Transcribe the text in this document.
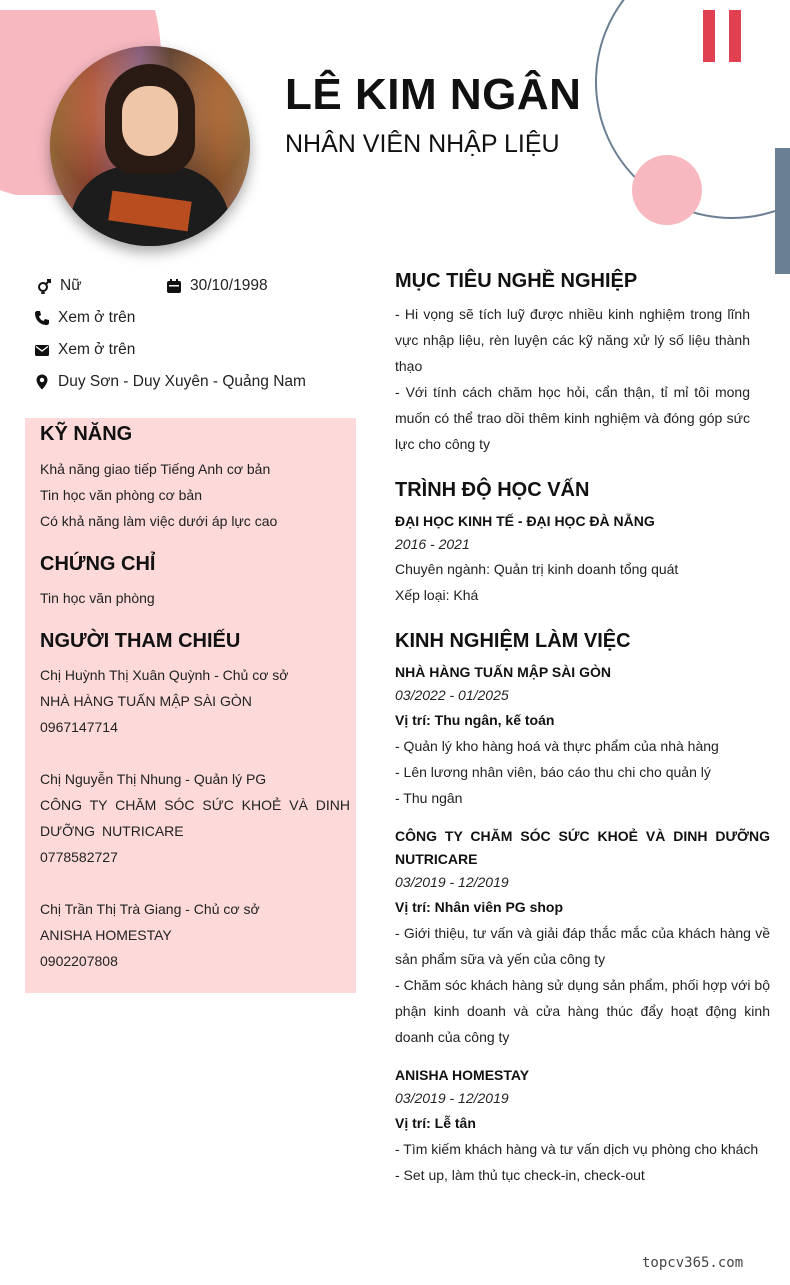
LÊ KIM NGÂN
NHÂN VIÊN NHẬP LIỆU
Nữ	30/10/1998
Xem ở trên
Xem ở trên
Duy Sơn - Duy Xuyên - Quảng Nam
KỸ NĂNG
Khả năng giao tiếp Tiếng Anh cơ bản
Tin học văn phòng cơ bản
Có khả năng làm việc dưới áp lực cao
CHỨNG CHỈ
Tin học văn phòng
NGƯỜI THAM CHIẾU
Chị Huỳnh Thị Xuân Quỳnh - Chủ cơ sở
NHÀ HÀNG TUẤN MẬP SÀI GÒN
0967147714
Chị Nguyễn Thị Nhung - Quản lý PG
CÔNG TY CHĂM SÓC SỨC KHOẺ VÀ DINH DƯỠNG NUTRICARE
0778582727
Chị Trần Thị Trà Giang - Chủ cơ sở
ANISHA HOMESTAY
0902207808
MỤC TIÊU NGHỀ NGHIỆP
- Hi vọng sẽ tích luỹ được nhiều kinh nghiệm trong lĩnh vực nhập liệu, rèn luyện các kỹ năng xử lý số liệu thành thạo
- Với tính cách chăm học hỏi, cẩn thận, tỉ mỉ tôi mong muốn có thể trao dồi thêm kinh nghiệm và đóng góp sức lực cho công ty
TRÌNH ĐỘ HỌC VẤN
ĐẠI HỌC KINH TẾ - ĐẠI HỌC ĐÀ NẴNG
2016 - 2021
Chuyên ngành: Quản trị kinh doanh tổng quát
Xếp loại: Khá
KINH NGHIỆM LÀM VIỆC
NHÀ HÀNG TUẤN MẬP SÀI GÒN
03/2022 - 01/2025
Vị trí: Thu ngân, kế toán
- Quản lý kho hàng hoá và thực phẩm của nhà hàng
- Lên lương nhân viên, báo cáo thu chi cho quản lý
- Thu ngân
CÔNG TY CHĂM SÓC SỨC KHOẺ VÀ DINH DƯỠNG NUTRICARE
03/2019 - 12/2019
Vị trí: Nhân viên PG shop
- Giới thiệu, tư vấn và giải đáp thắc mắc của khách hàng về sản phẩm sữa và yến của công ty
- Chăm sóc khách hàng sử dụng sản phẩm, phối hợp với bộ phận kinh doanh và cửa hàng thúc đẩy hoạt động kinh doanh của công ty
ANISHA HOMESTAY
03/2019 - 12/2019
Vị trí: Lễ tân
- Tìm kiếm khách hàng và tư vấn dịch vụ phòng cho khách
- Set up, làm thủ tục check-in, check-out
topcv365.com
